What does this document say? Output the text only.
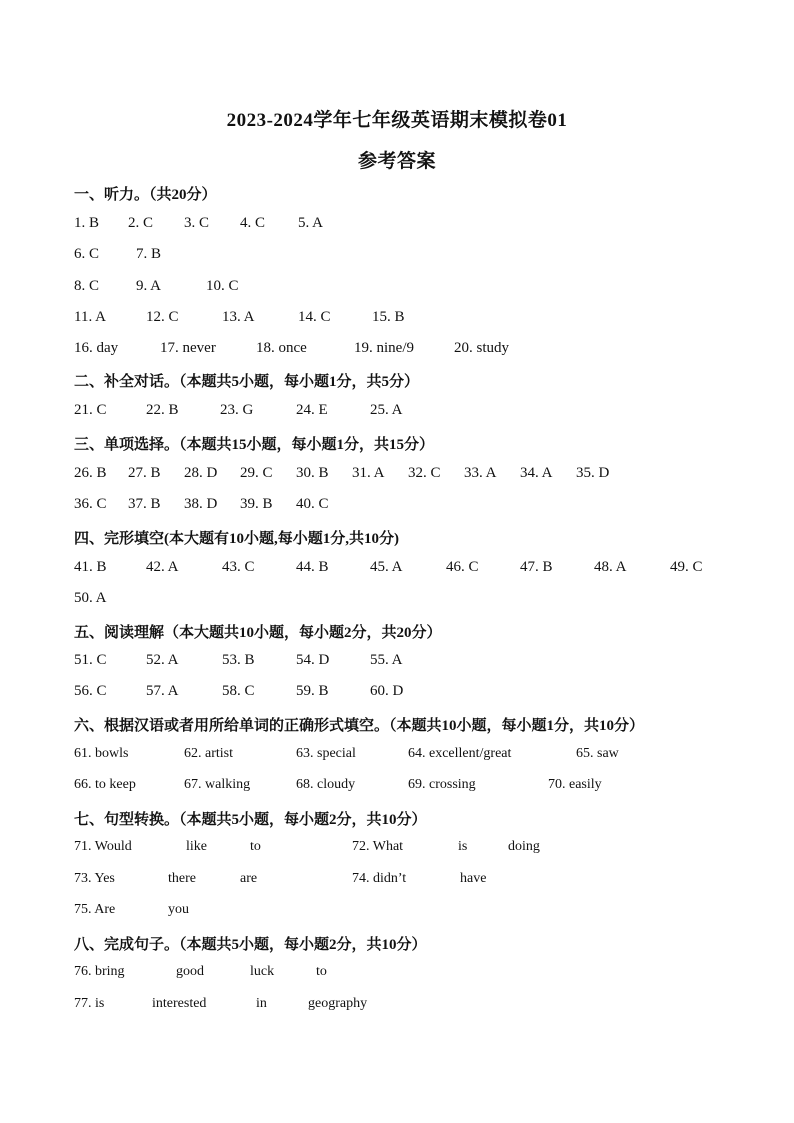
2023-2024学年七年级英语期末模拟卷01
参考答案
一、听力。（共20分）
1. B 2. C 3. C 4. C 5. A
6. C 7. B
8. C 9. A	10. C
11. A	12. C	13. A	14. C	15. B
16. day	17. never	18. once	19. nine/9	20. study
二、补全对话。（本题共5小题，每小题1分，共5分）
21. C	22. B	23. G	24. E	25. A
三、单项选择。（本题共15小题，每小题1分，共15分）
26. B 27. B 28. D 29. C 30. B 31. A 32. C 33. A 34. A 35. D
36. C 37. B 38. D 39. B 40. C
四、完形填空(本大题有10小题,每小题1分,共10分)
41. B	42. A	43. C	44. B	45. A	46. C	47. B	48. A	49. C
50. A
五、阅读理解（本大题共10小题，每小题2分，共20分）
51. C	52. A	53. B	54. D	55. A
56. C	57. A	58. C	59. B	60. D
六、根据汉语或者用所给单词的正确形式填空。（本题共10小题，每小题1分，共10分）
61. bowls	62. artist	63. special	64. excellent/great	65. saw
66. to keep	67. walking	68. cloudy	69. crossing	70. easily
七、句型转换。（本题共5小题，每小题2分，共10分）
71. Would	like	to	72. What	is	doing
73. Yes	there	are	74. didn’t	have
75. Are	you
八、完成句子。（本题共5小题，每小题2分，共10分）
76. bring	good	luck	to
77. is	interested	in	geography
